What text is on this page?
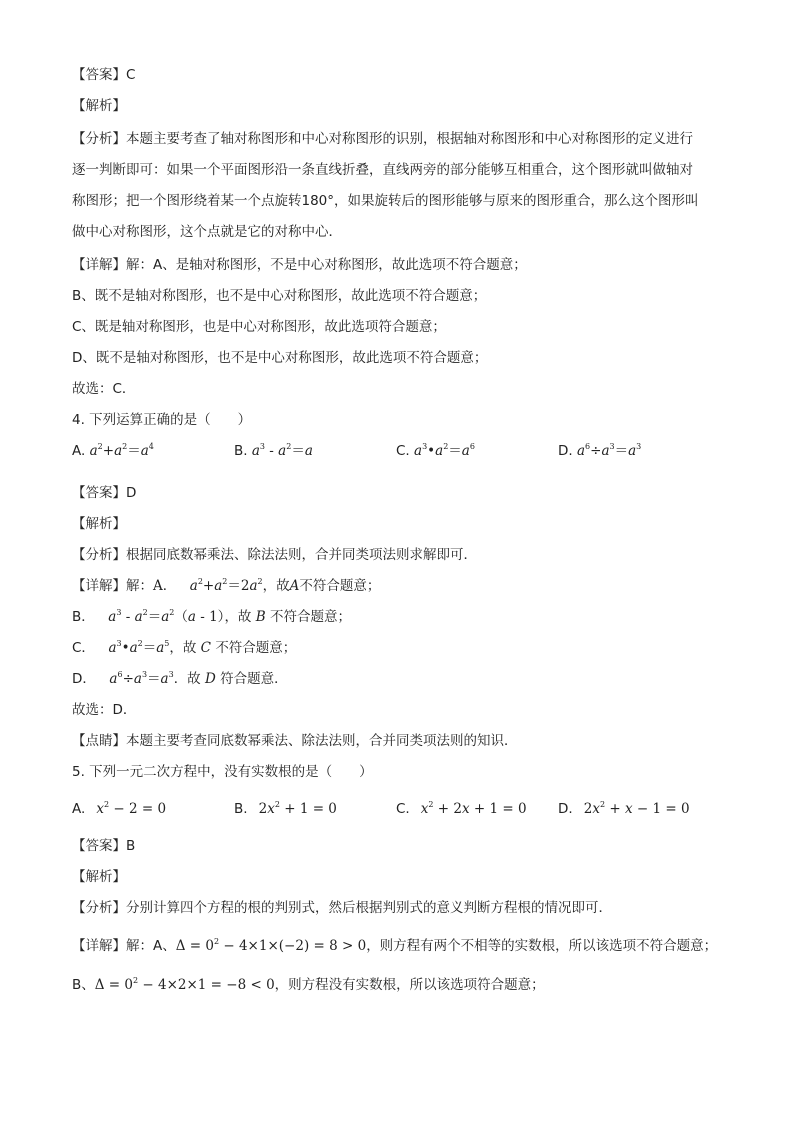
【答案】C
【解析】
【分析】本题主要考查了轴对称图形和中心对称图形的识别，根据轴对称图形和中心对称图形的定义进行
逐一判断即可：如果一个平面图形沿一条直线折叠，直线两旁的部分能够互相重合，这个图形就叫做轴对
称图形；把一个图形绕着某一个点旋转180°，如果旋转后的图形能够与原来的图形重合，那么这个图形叫
做中心对称图形，这个点就是它的对称中心．
【详解】解：A、是轴对称图形，不是中心对称图形，故此选项不符合题意；
B、既不是轴对称图形，也不是中心对称图形，故此选项不符合题意；
C、既是轴对称图形，也是中心对称图形，故此选项符合题意；
D、既不是轴对称图形，也不是中心对称图形，故此选项不符合题意；
故选：C．
4. 下列运算正确的是（　　）
A. $a^2+a^2=a^4$	B. $a^3 - a^2=a$	C. $a^3•a^2=a^6$	D. $a^6\div a^3=a^3$
【答案】D
【解析】
【分析】根据同底数幂乘法、除法法则，合并同类项法则求解即可．
【详解】解：A．  $a^2+a^2=2a^2$，故A不符合题意；
B．  $a^3 - a^2=a^2(a - 1)$，故 B 不符合题意；
C．  $a^3•a^2=a^5$，故 C 不符合题意；
D．  $a^6\div a^3=a^3$．故 D 符合题意．
故选：D．
【点睛】本题主要考查同底数幂乘法、除法法则，合并同类项法则的知识．
5. 下列一元二次方程中，没有实数根的是（　　）
A.   $x^2 - 2 = 0$	B.  $2x^2 + 1 = 0$	C.   $x^2 + 2x + 1 = 0$ D.  $2x^2 + x - 1 = 0$
【答案】B
【解析】
【分析】分别计算四个方程的根的判别式，然后根据判别式的意义判断方程根的情况即可．
【详解】解：A、$\Delta = 0^2 - 4\times 1\times(-2) = 8 > 0$，则方程有两个不相等的实数根，所以该选项不符合题意；
B、$\Delta = 0^2 - 4\times 2\times 1 = -8 < 0$，则方程没有实数根，所以该选项符合题意；
